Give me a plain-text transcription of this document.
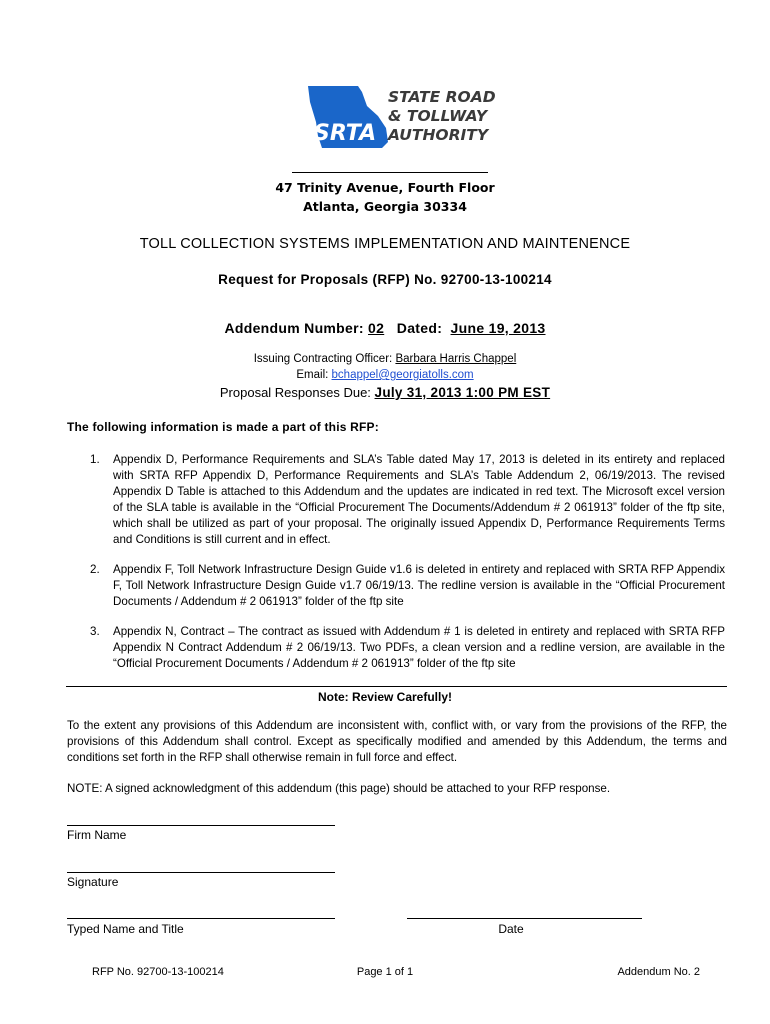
SRTA
STATE ROAD
& TOLLWAY
AUTHORITY
47 Trinity Avenue, Fourth Floor
Atlanta, Georgia 30334
TOLL COLLECTION SYSTEMS IMPLEMENTATION AND MAINTENENCE
Request for Proposals (RFP) No. 92700-13-100214
Addendum Number: 02 Dated: June 19, 2013
Issuing Contracting Officer: Barbara Harris Chappel
Email: bchappel@georgiatolls.com
Proposal Responses Due: July 31, 2013 1:00 PM EST
The following information is made a part of this RFP:
1. Appendix D, Performance Requirements and SLA’s Table dated May 17, 2013 is deleted in its entirety and replaced with SRTA RFP Appendix D, Performance Requirements and SLA’s Table Addendum 2, 06/19/2013. The revised Appendix D Table is attached to this Addendum and the updates are indicated in red text. The Microsoft excel version of the SLA table is available in the “Official Procurement The Documents/Addendum # 2 061913” folder of the ftp site, which shall be utilized as part of your proposal. The originally issued Appendix D, Performance Requirements Terms and Conditions is still current and in effect.
2. Appendix F, Toll Network Infrastructure Design Guide v1.6 is deleted in entirety and replaced with SRTA RFP Appendix F, Toll Network Infrastructure Design Guide v1.7 06/19/13. The redline version is available in the “Official Procurement Documents / Addendum # 2 061913” folder of the ftp site
3. Appendix N, Contract – The contract as issued with Addendum # 1 is deleted in entirety and replaced with SRTA RFP Appendix N Contract Addendum # 2 06/19/13. Two PDFs, a clean version and a redline version, are available in the “Official Procurement Documents / Addendum # 2 061913” folder of the ftp site
Note: Review Carefully!
To the extent any provisions of this Addendum are inconsistent with, conflict with, or vary from the provisions of the RFP, the provisions of this Addendum shall control. Except as specifically modified and amended by this Addendum, the terms and conditions set forth in the RFP shall otherwise remain in full force and effect.
NOTE: A signed acknowledgment of this addendum (this page) should be attached to your RFP response.
Firm Name
Signature
Typed Name and Title	Date
RFP No. 92700-13-100214	Page 1 of 1	Addendum No. 2
